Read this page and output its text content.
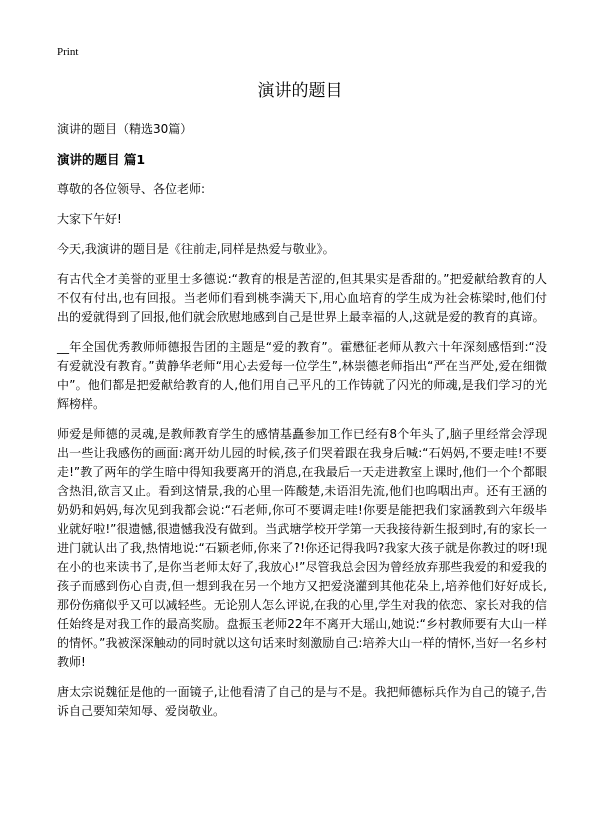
Print
演讲的题目

演讲的题目（精选30篇）

演讲的题目 篇1

尊敬的各位领导、各位老师:

大家下午好!

今天,我演讲的题目是《往前走,同样是热爱与敬业》。

有古代全才美誉的亚里士多德说:“教育的根是苦涩的,但其果实是香甜的。”把爱献给教育的人不仅有付出,也有回报。当老师们看到桃李满天下,用心血培育的学生成为社会栋梁时,他们付出的爱就得到了回报,他们就会欣慰地感到自己是世界上最幸福的人,这就是爱的教育的真谛。

__年全国优秀教师师德报告团的主题是“爱的教育”。霍懋征老师从教六十年深刻感悟到:“没有爱就没有教育。”黄静华老师“用心去爱每一位学生”,林崇德老师指出“严在当严处,爱在细微中”。他们都是把爱献给教育的人,他们用自己平凡的工作铸就了闪光的师魂,是我们学习的光辉榜样。

师爱是师德的灵魂,是教师教育学生的感情基矗参加工作已经有8个年头了,脑子里经常会浮现出一些让我感伤的画面:离开幼儿园的时候,孩子们哭着跟在我身后喊:“石妈妈,不要走哇!不要走!”教了两年的学生暗中得知我要离开的消息,在我最后一天走进教室上课时,他们一个个都眼含热泪,欲言又止。看到这情景,我的心里一阵酸楚,未语泪先流,他们也呜咽出声。还有王涵的奶奶和妈妈,每次见到我都会说:“石老师,你可不要调走哇!你要是能把我们家涵教到六年级毕业就好啦!”很遗憾,很遗憾我没有做到。当武塘学校开学第一天我接待新生报到时,有的家长一进门就认出了我,热情地说:“石颖老师,你来了?!你还记得我吗?我家大孩子就是你教过的呀!现在小的也来读书了,是你当老师太好了,我放心!”尽管我总会因为曾经放弃那些我爱的和爱我的孩子而感到伤心自责,但一想到我在另一个地方又把爱浇灌到其他花朵上,培养他们好好成长,那份伤痛似乎又可以减轻些。无论别人怎么评说,在我的心里,学生对我的依恋、家长对我的信任始终是对我工作的最高奖励。盘振玉老师22年不离开大瑶山,她说:“乡村教师要有大山一样的情怀。”我被深深触动的同时就以这句话来时刻激励自己:培养大山一样的情怀,当好一名乡村教师!

唐太宗说魏征是他的一面镜子,让他看清了自己的是与不是。我把师德标兵作为自己的镜子,告诉自己要知荣知辱、爱岗敬业。
